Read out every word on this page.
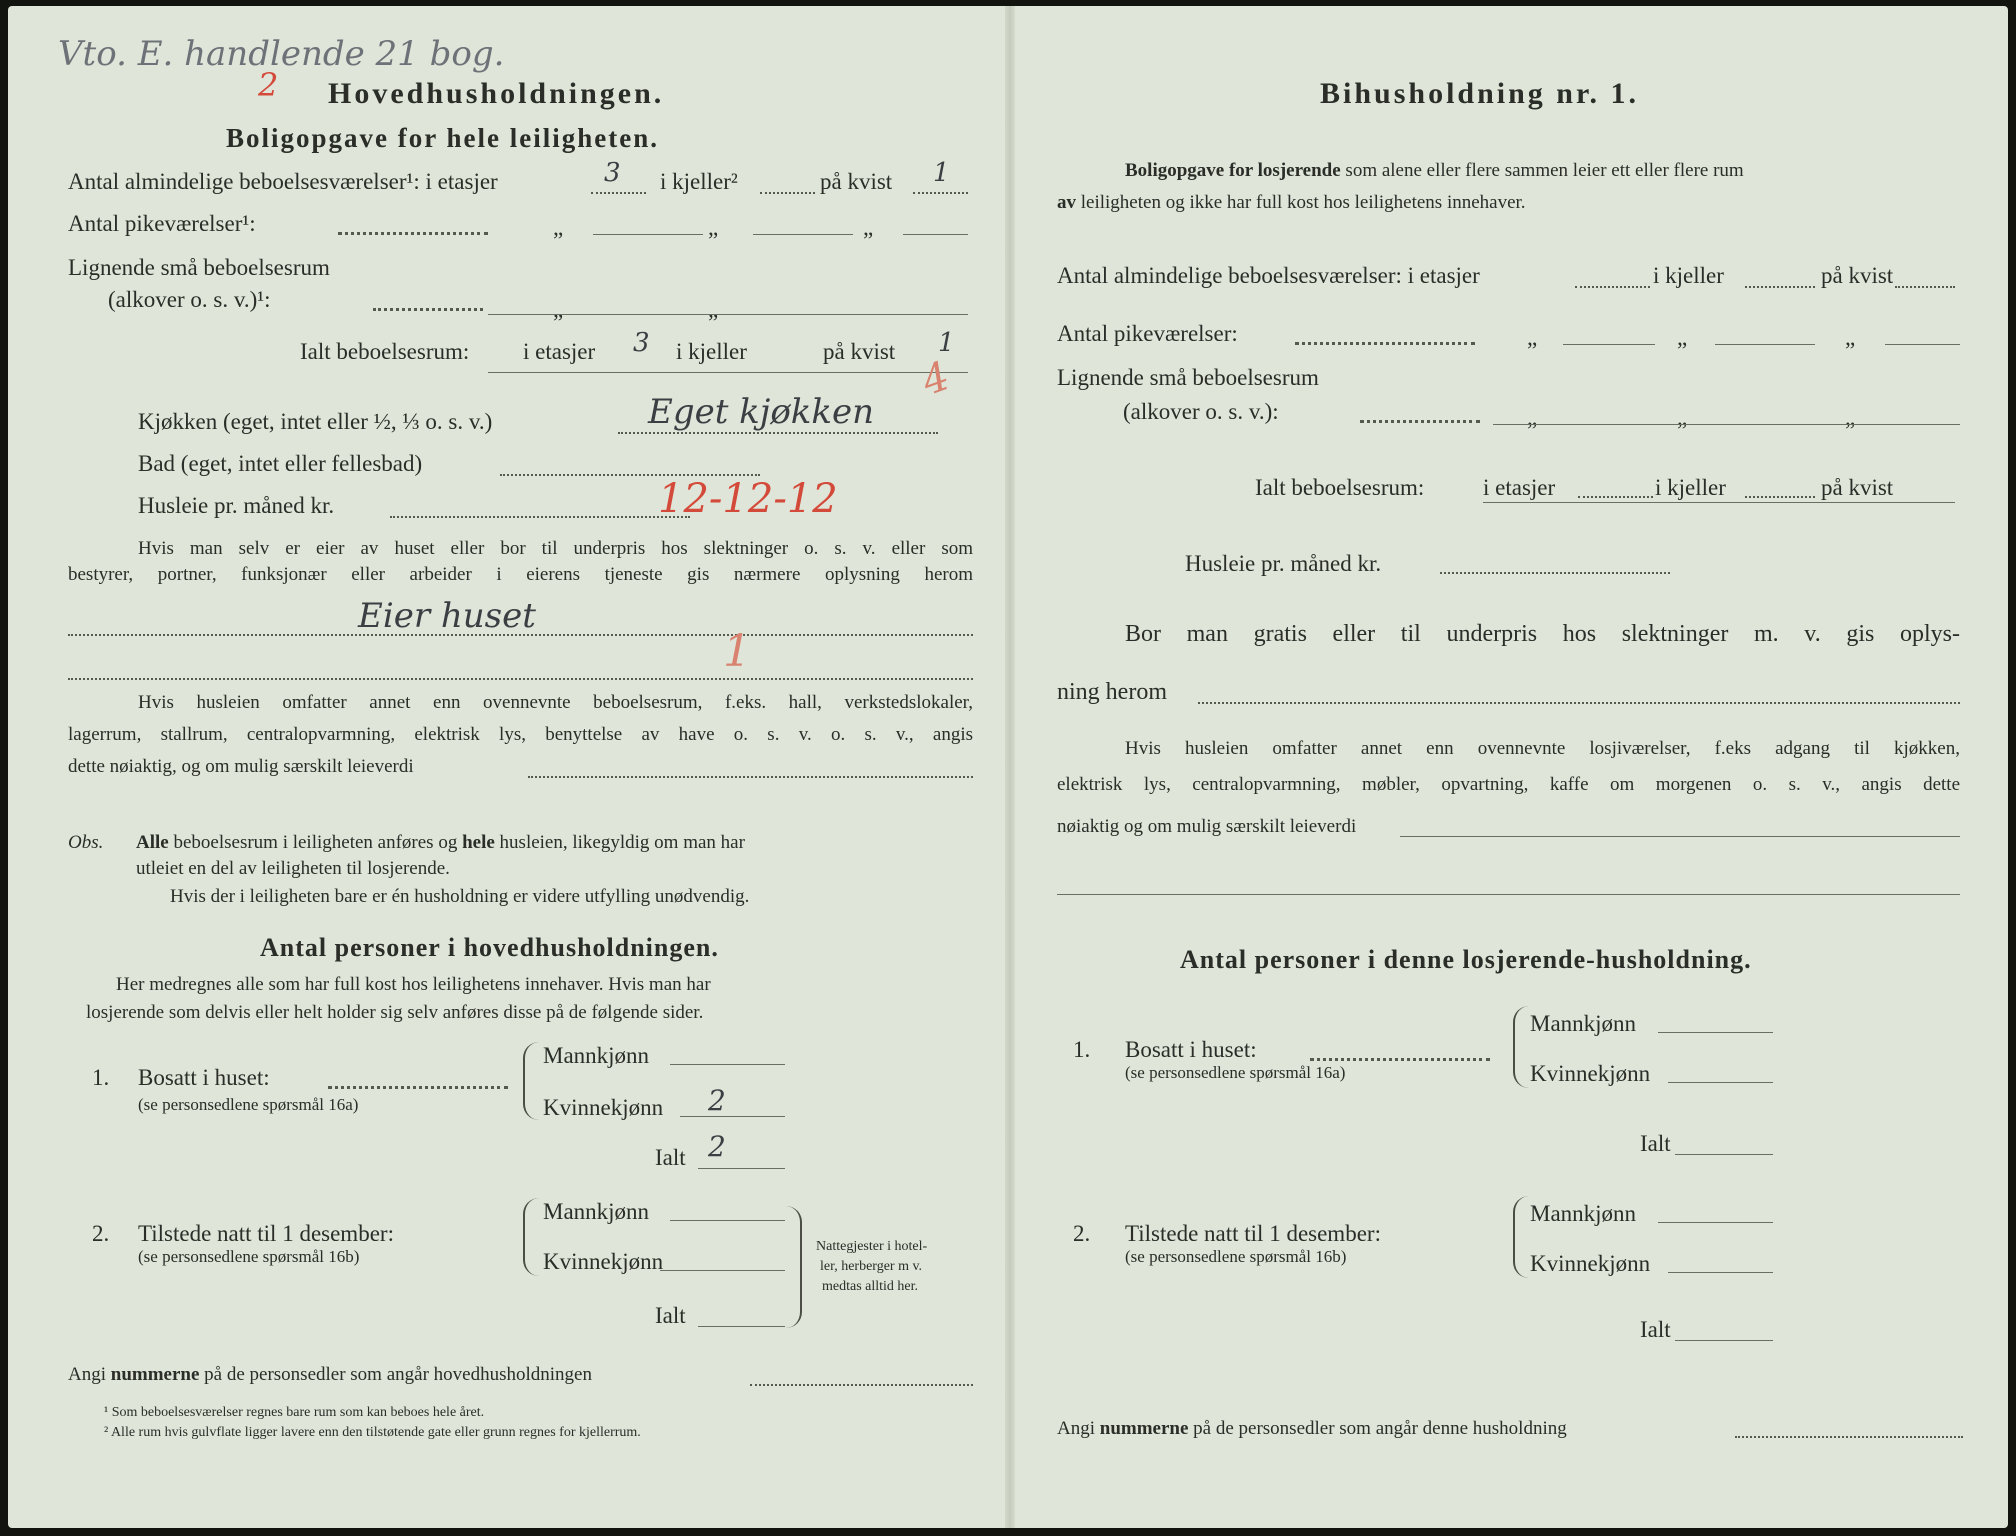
Vto. E. handlende 21 bog.
2 Hovedhusholdningen.
Boligopgave for hele leiligheten.
Antal almindelige beboelsesværelser¹: i etasjer	3 i kjeller²	på kvist 1
Antal pikeværelser¹:	„	„	„
Lignende små beboelsesrum
(alkover o. s. v.)¹:	„	„
Ialt beboelsesrum: i etasjer 3 i kjeller	på kvist 1
4
Kjøkken (eget, intet eller ½, ⅓ o. s. v.)	Eget kjøkken
Bad (eget, intet eller fellesbad)
Husleie pr. måned kr.	12-12-12
Hvis man selv er eier av huset eller bor til underpris hos slektninger o. s. v. eller som
bestyrer, portner, funksjonær eller arbeider i eierens tjeneste gis nærmere oplysning herom
Eier huset
1
Hvis husleien omfatter annet enn ovennevnte beboelsesrum, f.eks. hall, verkstedslokaler,
lagerrum, stallrum, centralopvarmning, elektrisk lys, benyttelse av have o. s. v. o. s. v., angis
dette nøiaktig, og om mulig særskilt leieverdi
Obs. Alle beboelsesrum i leiligheten anføres og hele husleien, likegyldig om man har
utleiet en del av leiligheten til losjerende.
Hvis der i leiligheten bare er én husholdning er videre utfylling unødvendig.
Antal personer i hovedhusholdningen.
Her medregnes alle som har full kost hos leilighetens innehaver. Hvis man har
losjerende som delvis eller helt holder sig selv anføres disse på de følgende sider.
1. Bosatt i huset:
(se personsedlene spørsmål 16a)
Mannkjønn
Kvinnekjønn 2
Ialt 2
2. Tilstede natt til 1 desember:
(se personsedlene spørsmål 16b)
Mannkjønn
Kvinnekjønn
Ialt
Nattegjester i hotel-
ler, herberger m v.
medtas alltid her.
Angi nummerne på de personsedler som angår hovedhusholdningen
¹ Som beboelsesværelser regnes bare rum som kan beboes hele året.
² Alle rum hvis gulvflate ligger lavere enn den tilstøtende gate eller grunn regnes for kjellerrum.
Bihusholdning nr. 1.
Boligopgave for losjerende som alene eller flere sammen leier ett eller flere rum
av leiligheten og ikke har full kost hos leilighetens innehaver.
Antal almindelige beboelsesværelser: i etasjer	i kjeller	på kvist
Antal pikeværelser:	„	„	„
Lignende små beboelsesrum
(alkover o. s. v.):	„	„	„
Ialt beboelsesrum:	i etasjer	i kjeller	på kvist
Husleie pr. måned kr.
Bor man gratis eller til underpris hos slektninger m. v. gis oplys-
ning herom
Hvis husleien omfatter annet enn ovennevnte losjiværelser, f.eks adgang til kjøkken,
elektrisk lys, centralopvarmning, møbler, opvartning, kaffe om morgenen o. s. v., angis dette
nøiaktig og om mulig særskilt leieverdi
Antal personer i denne losjerende-husholdning.
1. Bosatt i huset:
(se personsedlene spørsmål 16a)
Mannkjønn
Kvinnekjønn
Ialt
2. Tilstede natt til 1 desember:
(se personsedlene spørsmål 16b)
Mannkjønn
Kvinnekjønn
Ialt
Angi nummerne på de personsedler som angår denne husholdning
